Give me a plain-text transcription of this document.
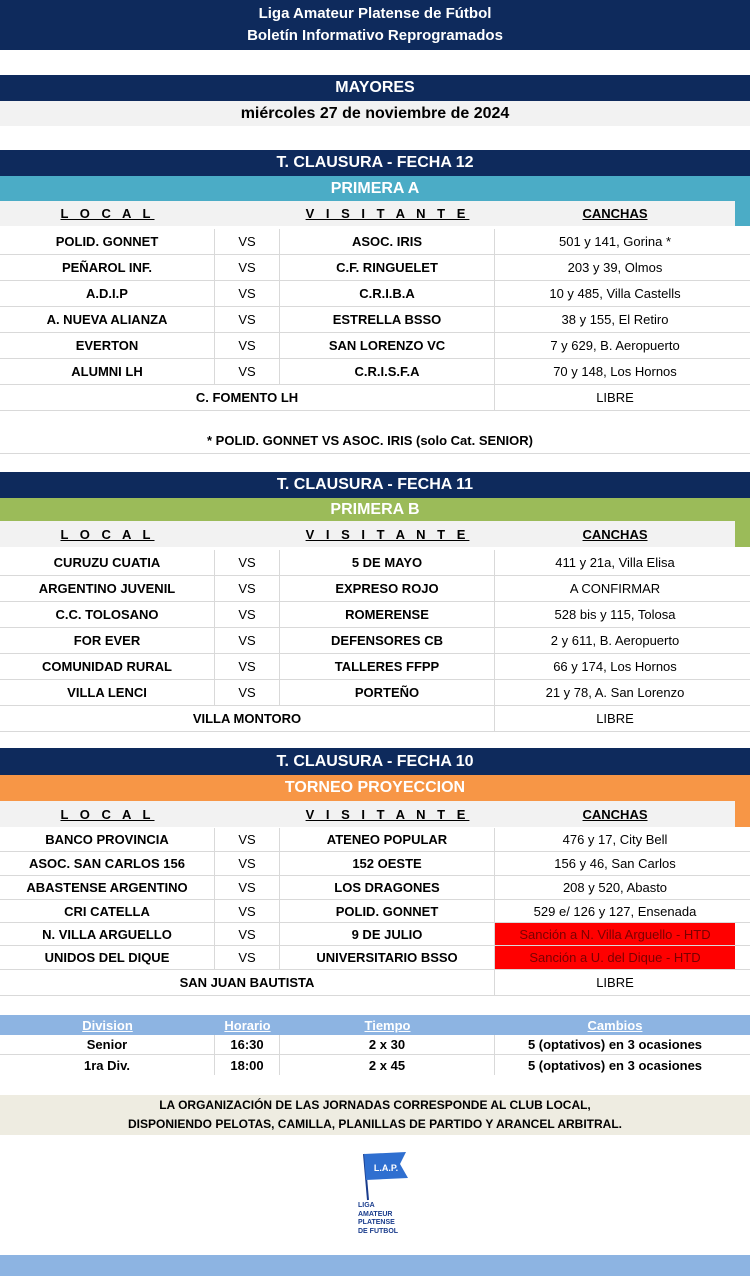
Liga Amateur Platense de Fútbol
Boletín Informativo Reprogramados
MAYORES
miércoles 27 de noviembre de 2024
T. CLAUSURA - FECHA 12
PRIMERA A
L O C A L	V I S I T A N T E	CANCHAS
POLID. GONNET	VS	ASOC. IRIS	501 y 141, Gorina *
PEÑAROL INF.	VS	C.F. RINGUELET	203 y 39, Olmos
A.D.I.P	VS	C.R.I.B.A	10 y 485, Villa Castells
A. NUEVA ALIANZA	VS	ESTRELLA BSSO	38 y 155, El Retiro
EVERTON	VS	SAN LORENZO VC	7 y 629, B. Aeropuerto
ALUMNI LH	VS	C.R.I.S.F.A	70 y 148, Los Hornos
C. FOMENTO LH	LIBRE
* POLID. GONNET VS ASOC. IRIS (solo Cat. SENIOR)
T. CLAUSURA - FECHA 11
PRIMERA B
L O C A L	V I S I T A N T E	CANCHAS
CURUZU CUATIA	VS	5 DE MAYO	411 y 21a, Villa Elisa
ARGENTINO JUVENIL	VS	EXPRESO ROJO	A CONFIRMAR
C.C. TOLOSANO	VS	ROMERENSE	528 bis y 115, Tolosa
FOR EVER	VS	DEFENSORES CB	2 y 611, B. Aeropuerto
COMUNIDAD RURAL	VS	TALLERES FFPP	66 y 174, Los Hornos
VILLA LENCI	VS	PORTEÑO	21 y 78, A. San Lorenzo
VILLA MONTORO	LIBRE
T. CLAUSURA - FECHA 10
TORNEO PROYECCION
L O C A L	V I S I T A N T E	CANCHAS
BANCO PROVINCIA	VS	ATENEO POPULAR	476 y 17, City Bell
ASOC. SAN CARLOS 156	VS	152 OESTE	156 y 46, San Carlos
ABASTENSE ARGENTINO	VS	LOS DRAGONES	208 y 520, Abasto
CRI CATELLA	VS	POLID. GONNET	529 e/ 126 y 127, Ensenada
N. VILLA ARGUELLO	VS	9 DE JULIO	Sanción a N. Villa Arguello - HTD
UNIDOS DEL DIQUE	VS	UNIVERSITARIO BSSO	Sanción a U. del Dique - HTD
SAN JUAN BAUTISTA	LIBRE
Division	Horario	Tiempo	Cambios
Senior	16:30	2 x 30	5 (optativos) en 3 ocasiones
1ra Div.	18:00	2 x 45	5 (optativos) en 3 ocasiones
LA ORGANIZACIÓN DE LAS JORNADAS CORRESPONDE AL CLUB LOCAL,
DISPONIENDO PELOTAS, CAMILLA, PLANILLAS DE PARTIDO Y ARANCEL ARBITRAL.
L.A.P.
LIGA
AMATEUR
PLATENSE
DE FUTBOL
